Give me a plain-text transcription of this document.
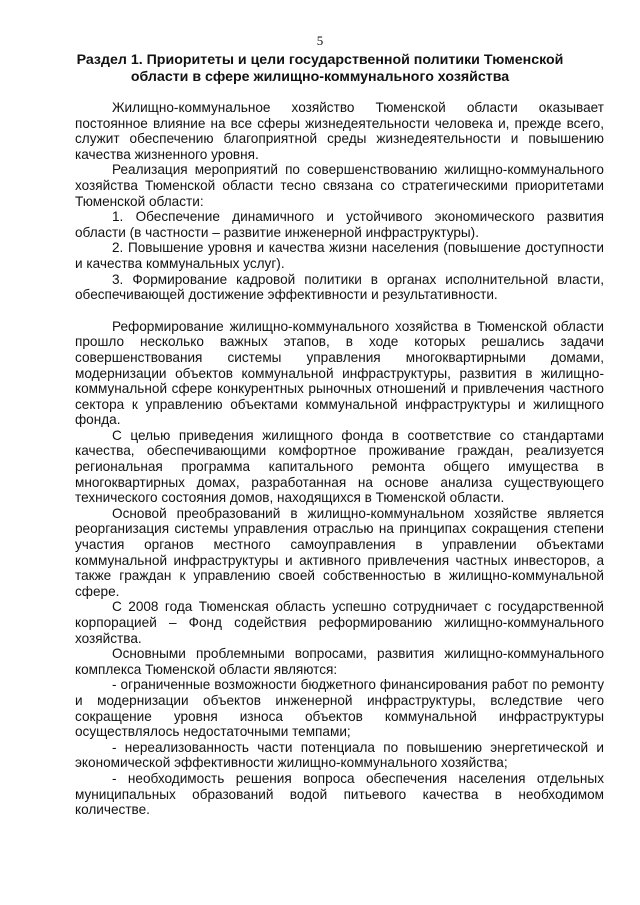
5
Раздел 1. Приоритеты и цели государственной политики Тюменской
области в сфере жилищно-коммунального хозяйства

Жилищно-коммунальное хозяйство Тюменской области оказывает постоянное влияние на все сферы жизнедеятельности человека и, прежде всего, служит обеспечению благоприятной среды жизнедеятельности и повышению качества жизненного уровня.

Реализация мероприятий по совершенствованию жилищно-коммунального хозяйства Тюменской области тесно связана со стратегическими приоритетами Тюменской области:

1. Обеспечение динамичного и устойчивого экономического развития области (в частности – развитие инженерной инфраструктуры).

2. Повышение уровня и качества жизни населения (повышение доступности и качества коммунальных услуг).

3. Формирование кадровой политики в органах исполнительной власти, обеспечивающей достижение эффективности и результативности.

Реформирование жилищно-коммунального хозяйства в Тюменской области прошло несколько важных этапов, в ходе которых решались задачи совершенствования системы управления многоквартирными домами, модернизации объектов коммунальной инфраструктуры, развития в жилищно-коммунальной сфере конкурентных рыночных отношений и привлечения частного сектора к управлению объектами коммунальной инфраструктуры и жилищного фонда.

С целью приведения жилищного фонда в соответствие со стандартами качества, обеспечивающими комфортное проживание граждан, реализуется региональная программа капитального ремонта общего имущества в многоквартирных домах, разработанная на основе анализа существующего технического состояния домов, находящихся в Тюменской области.

Основой преобразований в жилищно-коммунальном хозяйстве является реорганизация системы управления отраслью на принципах сокращения степени участия органов местного самоуправления в управлении объектами коммунальной инфраструктуры и активного привлечения частных инвесторов, а также граждан к управлению своей собственностью в жилищно-коммунальной сфере.

С 2008 года Тюменская область успешно сотрудничает с государственной корпорацией – Фонд содействия реформированию жилищно-коммунального хозяйства.

Основными проблемными вопросами, развития жилищно-коммунального комплекса Тюменской области являются:

- ограниченные возможности бюджетного финансирования работ по ремонту и модернизации объектов инженерной инфраструктуры, вследствие чего сокращение уровня износа объектов коммунальной инфраструктуры осуществлялось недостаточными темпами;

- нереализованность части потенциала по повышению энергетической и экономической эффективности жилищно-коммунального хозяйства;

- необходимость решения вопроса обеспечения населения отдельных муниципальных образований водой питьевого качества в необходимом количестве.
